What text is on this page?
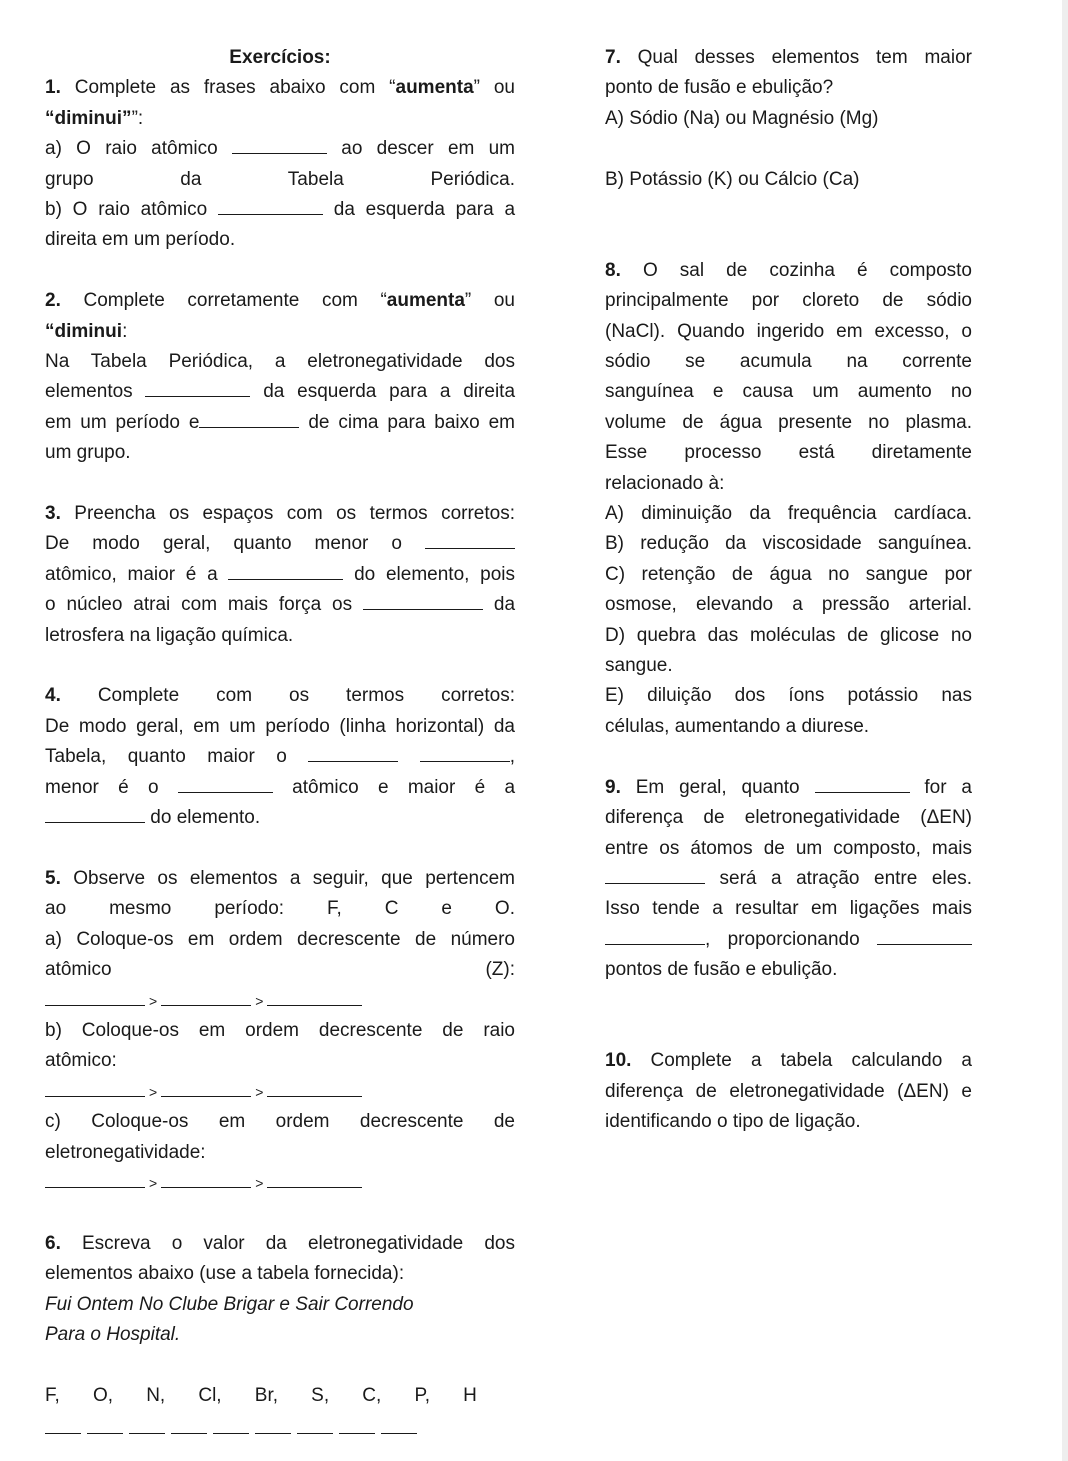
Exercícios:

1. Complete as frases abaixo com “aumenta” ou

“diminui””:

a) O raio atômico	ao descer em um

grupo da Tabela Periódica.

b) O raio atômico	da esquerda para a

direita em um período.

2. Complete corretamente com “aumenta” ou

“diminui:

Na Tabela Periódica, a eletronegatividade dos

elementos	da esquerda para a direita

em um período e	de cima para baixo em

um grupo.

3. Preencha os espaços com os termos corretos:

De modo geral, quanto menor o

atômico, maior é a	do elemento, pois

o núcleo atrai com mais força os	da

letrosfera na ligação química.

4. Complete com os termos corretos:

De modo geral, em um período (linha horizontal) da

Tabela, quanto maior o	,

menor é o	atômico e maior é a

do elemento.

5. Observe os elementos a seguir, que pertencem

ao mesmo período: F, C e O.

a) Coloque-os em ordem decrescente de número

atômico	(Z):

>	>

b) Coloque-os em ordem decrescente de raio

atômico:

>	>

c) Coloque-os em ordem decrescente de

eletronegatividade:

>	>

6. Escreva o valor da eletronegatividade dos

elementos abaixo (use a tabela fornecida):

Fui Ontem No Clube Brigar e Sair Correndo

Para o Hospital.

F, O, N, Cl, Br, S, C, P, H

7. Qual desses elementos tem maior

ponto de fusão e ebulição?

A) Sódio (Na) ou Magnésio (Mg)

B) Potássio (K) ou Cálcio (Ca)

8. O sal de cozinha é composto

principalmente por cloreto de sódio

(NaCl). Quando ingerido em excesso, o

sódio se acumula na corrente

sanguínea e causa um aumento no

volume de água presente no plasma.

Esse processo está diretamente

relacionado à:

A) diminuição da frequência cardíaca.

B) redução da viscosidade sanguínea.

C) retenção de água no sangue por

osmose, elevando a pressão arterial.

D) quebra das moléculas de glicose no

sangue.

E) diluição dos íons potássio nas

células, aumentando a diurese.

9. Em geral, quanto	for a

diferença de eletronegatividade (ΔEN)

entre os átomos de um composto, mais

será a atração entre eles.

Isso tende a resultar em ligações mais

, proporcionando

pontos de fusão e ebulição.

10. Complete a tabela calculando a

diferença de eletronegatividade (ΔEN) e

identificando o tipo de ligação.
